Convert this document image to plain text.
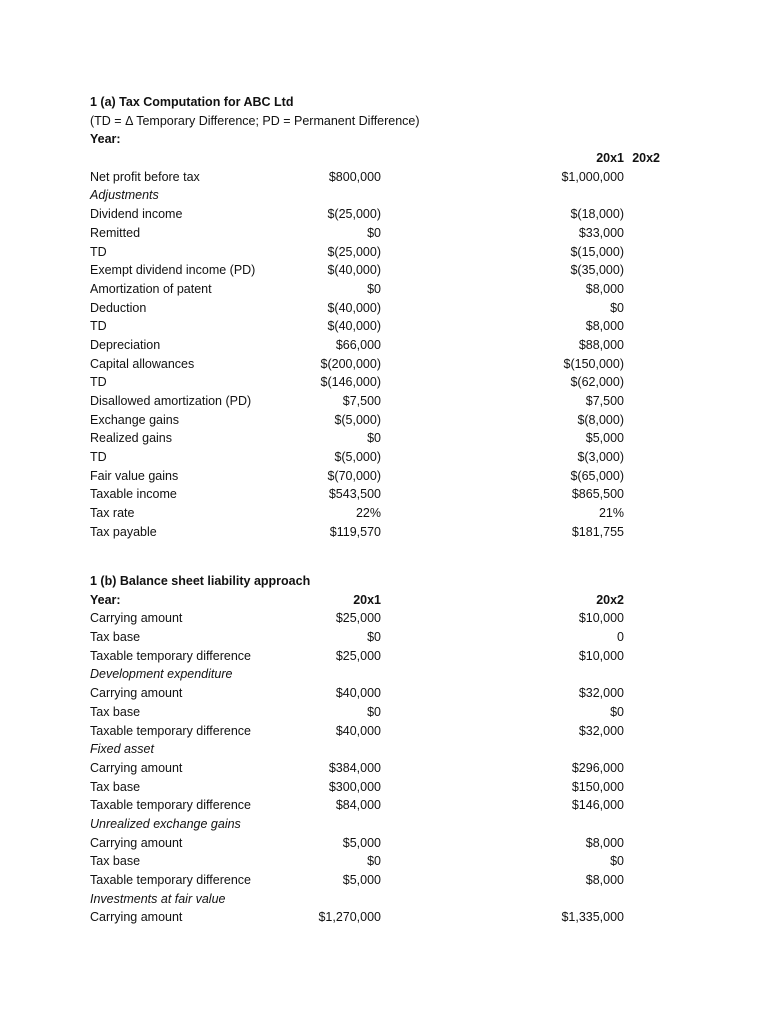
1 (a) Tax Computation for ABC Ltd
(TD = Δ Temporary Difference; PD = Permanent Difference)
Year:
20x1 20x2
Net profit before tax	$800,000	$1,000,000
Adjustments
Dividend income	$(25,000)	$(18,000)
Remitted	$0	$33,000
TD	$(25,000)	$(15,000)
Exempt dividend income (PD)	$(40,000)	$(35,000)
Amortization of patent	$0	$8,000
Deduction	$(40,000)	$0
TD	$(40,000)	$8,000
Depreciation	$66,000	$88,000
Capital allowances	$(200,000)	$(150,000)
TD	$(146,000)	$(62,000)
Disallowed amortization (PD)	$7,500	$7,500
Exchange gains	$(5,000)	$(8,000)
Realized gains	$0	$5,000
TD	$(5,000)	$(3,000)
Fair value gains	$(70,000)	$(65,000)
Taxable income	$543,500	$865,500
Tax rate	22%	21%
Tax payable	$119,570	$181,755
1 (b) Balance sheet liability approach
Year:	20x1	20x2
Carrying amount	$25,000	$10,000
Tax base	$0	0
Taxable temporary difference	$25,000	$10,000
Development expenditure
Carrying amount	$40,000	$32,000
Tax base	$0	$0
Taxable temporary difference	$40,000	$32,000
Fixed asset
Carrying amount	$384,000	$296,000
Tax base	$300,000	$150,000
Taxable temporary difference	$84,000	$146,000
Unrealized exchange gains
Carrying amount	$5,000	$8,000
Tax base	$0	$0
Taxable temporary difference	$5,000	$8,000
Investments at fair value
Carrying amount	$1,270,000	$1,335,000
